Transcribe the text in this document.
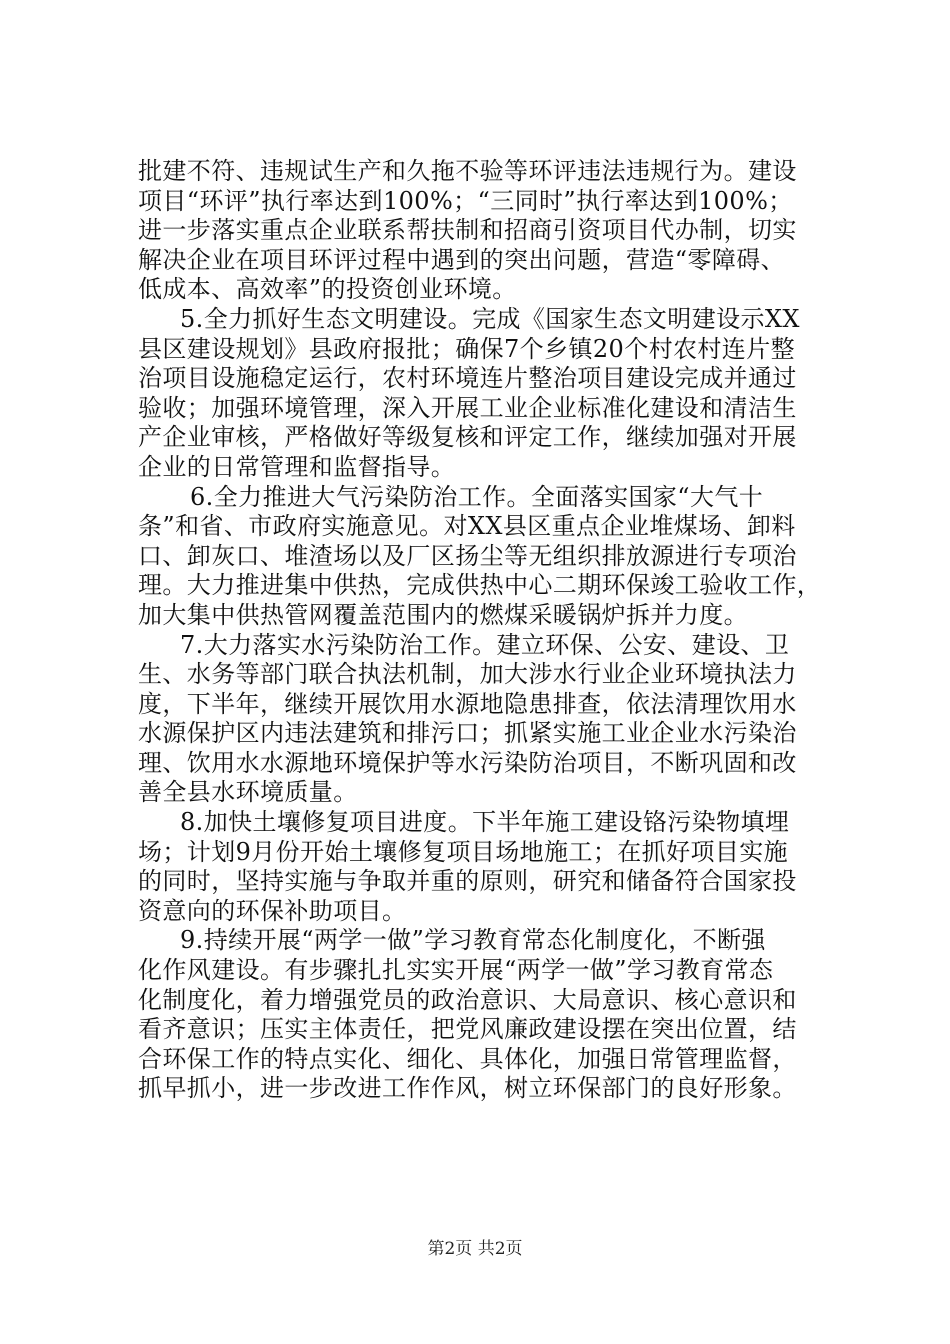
批建不符、违规试生产和久拖不验等环评违法违规行为。建设
项目“环评”执行率达到100%；“三同时”执行率达到100%；
进一步落实重点企业联系帮扶制和招商引资项目代办制，切实
解决企业在项目环评过程中遇到的突出问题，营造“零障碍、
低成本、高效率”的投资创业环境。
5.全力抓好生态文明建设。完成《国家生态文明建设示XX
县区建设规划》县政府报批；确保7个乡镇20个村农村连片整
治项目设施稳定运行，农村环境连片整治项目建设完成并通过
验收；加强环境管理，深入开展工业企业标准化建设和清洁生
产企业审核，严格做好等级复核和评定工作，继续加强对开展
企业的日常管理和监督指导。
6.全力推进大气污染防治工作。全面落实国家“大气十
条”和省、市政府实施意见。对XX县区重点企业堆煤场、卸料
口、卸灰口、堆渣场以及厂区扬尘等无组织排放源进行专项治
理。大力推进集中供热，完成供热中心二期环保竣工验收工作，
加大集中供热管网覆盖范围内的燃煤采暖锅炉拆并力度。
7.大力落实水污染防治工作。建立环保、公安、建设、卫
生、水务等部门联合执法机制，加大涉水行业企业环境执法力
度，下半年，继续开展饮用水源地隐患排查，依法清理饮用水
水源保护区内违法建筑和排污口；抓紧实施工业企业水污染治
理、饮用水水源地环境保护等水污染防治项目，不断巩固和改
善全县水环境质量。
8.加快土壤修复项目进度。下半年施工建设铬污染物填埋
场；计划9月份开始土壤修复项目场地施工；在抓好项目实施
的同时，坚持实施与争取并重的原则，研究和储备符合国家投
资意向的环保补助项目。
9.持续开展“两学一做”学习教育常态化制度化，不断强
化作风建设。有步骤扎扎实实开展“两学一做”学习教育常态
化制度化，着力增强党员的政治意识、大局意识、核心意识和
看齐意识；压实主体责任，把党风廉政建设摆在突出位置，结
合环保工作的特点实化、细化、具体化，加强日常管理监督，
抓早抓小，进一步改进工作作风，树立环保部门的良好形象。
第2页 共2页
